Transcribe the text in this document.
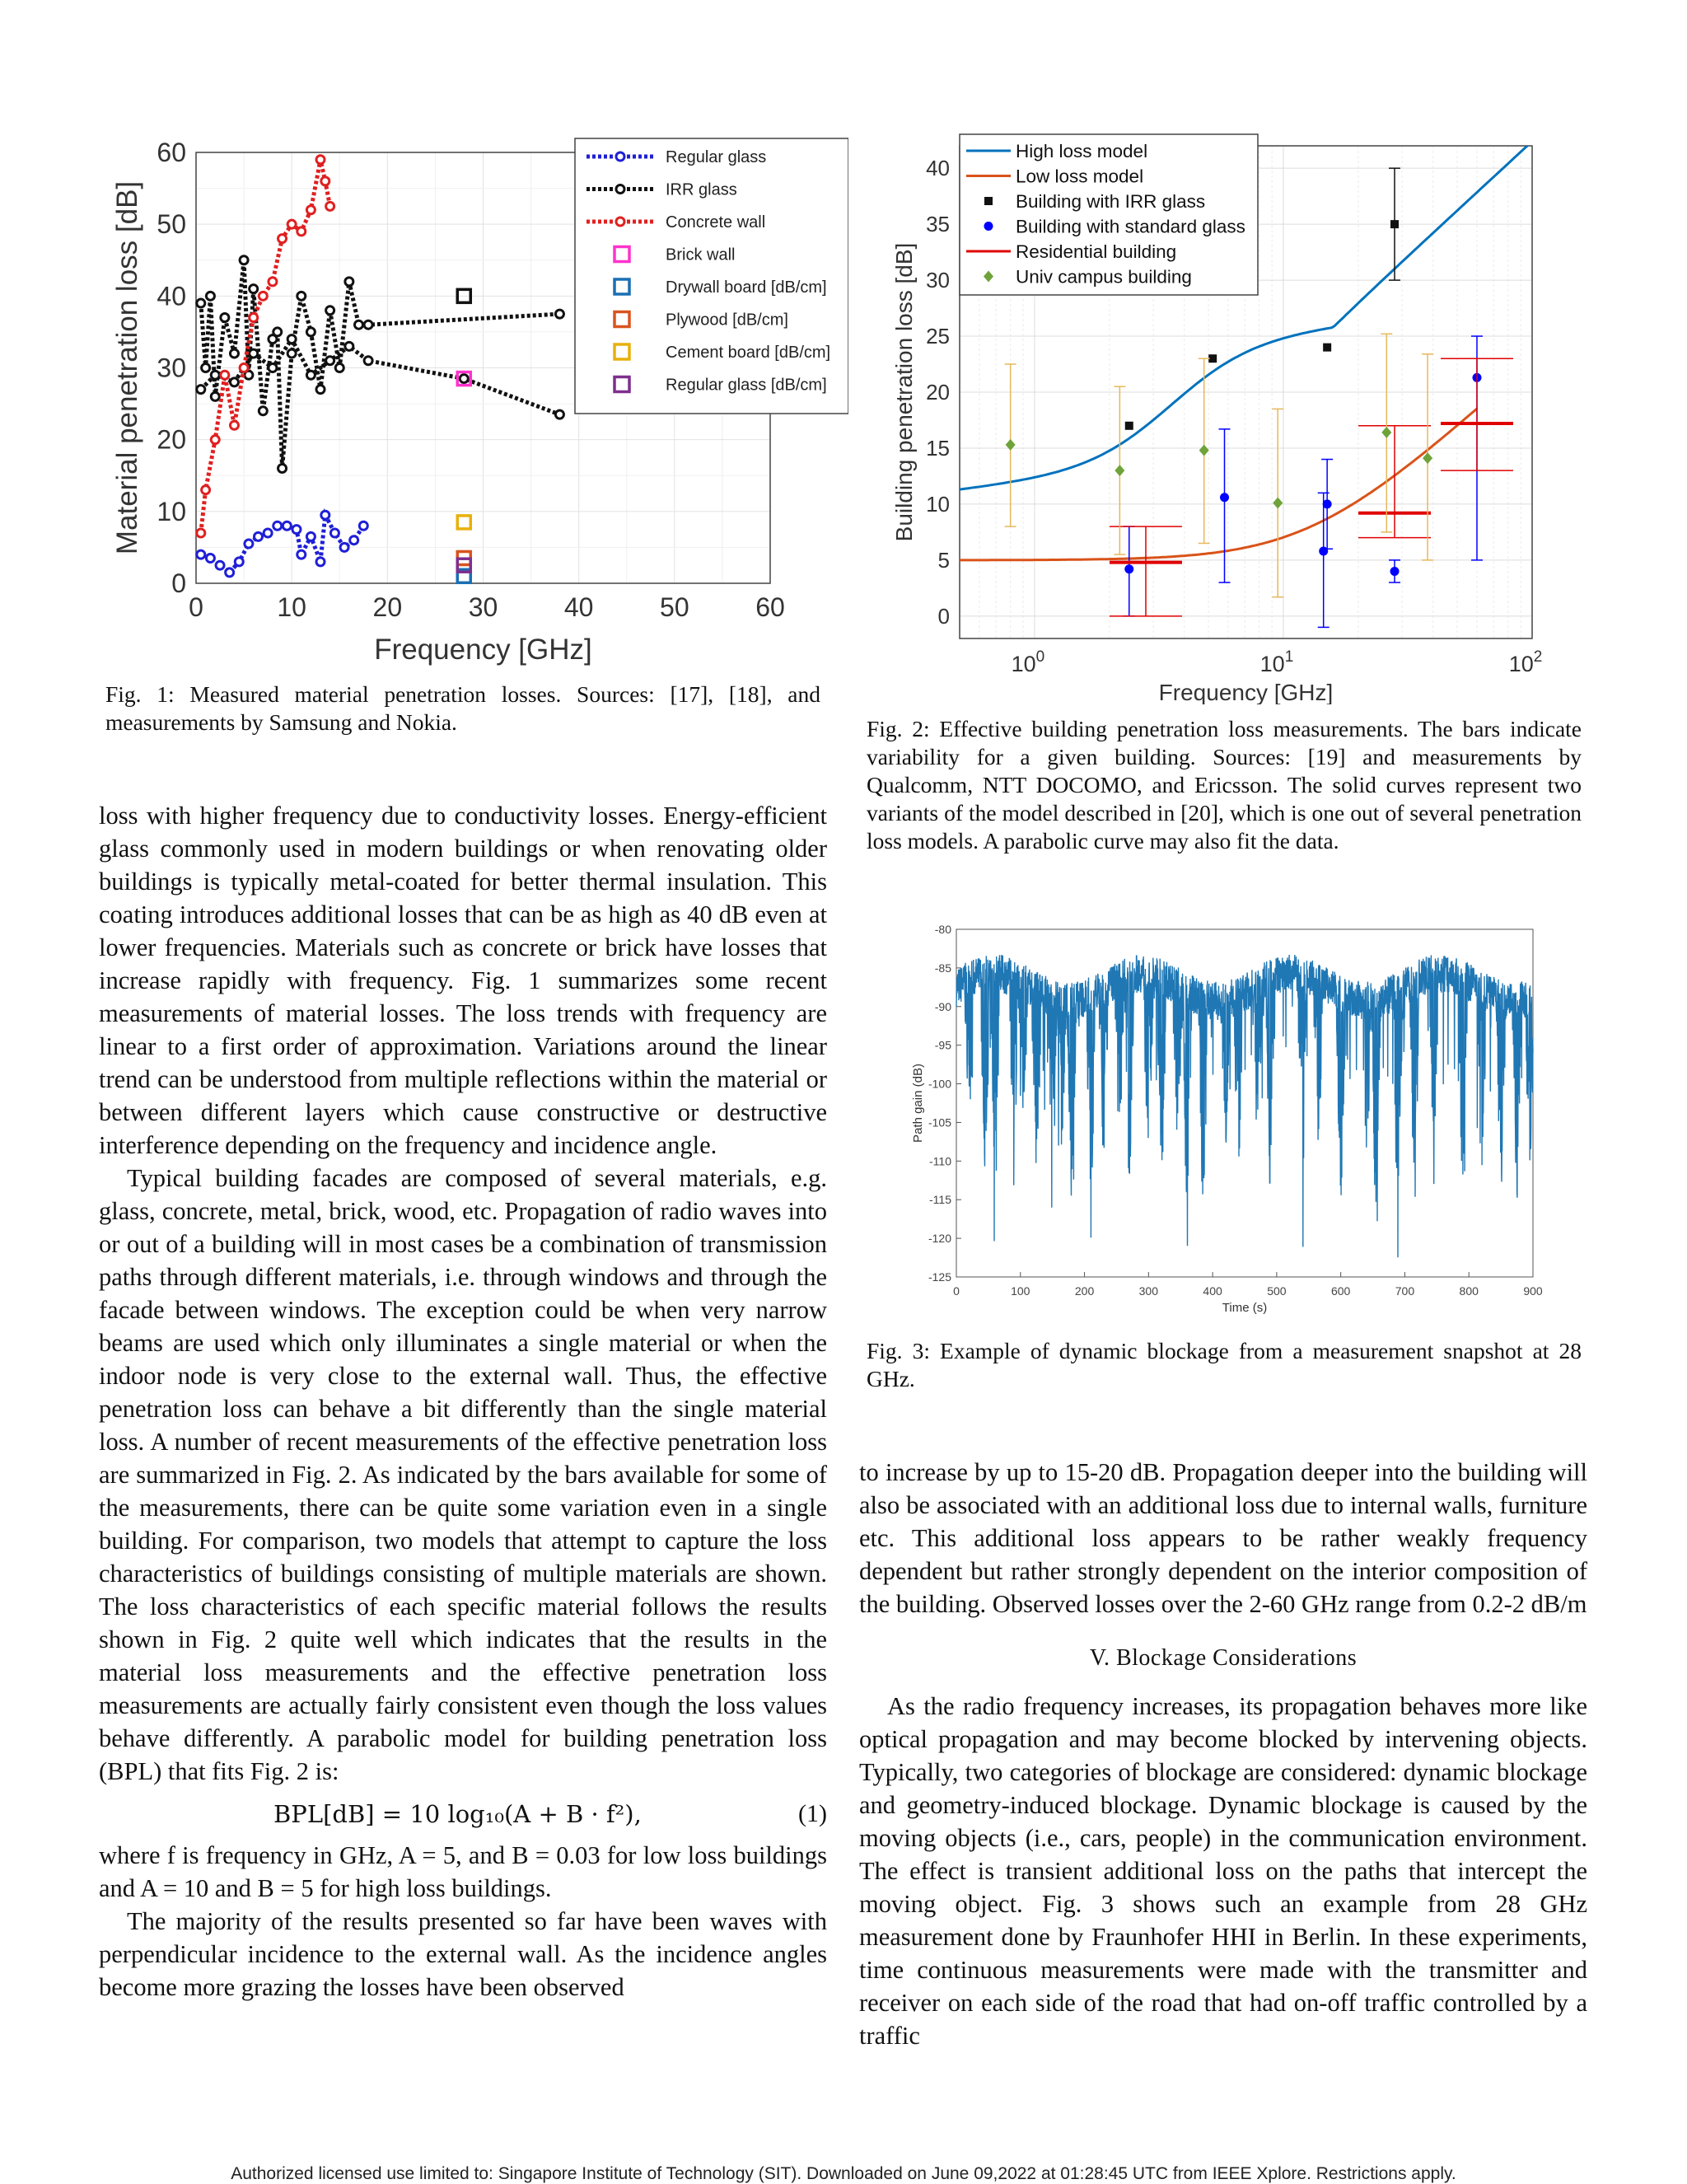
0	10	20	30	40	50	60
0
10
20
30
40
50
60
Frequency [GHz]
Material penetration loss [dB]
Regular glass
IRR glass
Concrete wall
Brick wall
Drywall board [dB/cm]
Plywood [dB/cm]
Cement board [dB/cm]
Regular glass [dB/cm]
Fig. 1: Measured material penetration losses. Sources: [17], [18], and measurements by Samsung and Nokia.
$10^0$	$10^1$	$10^2$
0
5
10
15
20
25
30
35
40
Frequency [GHz]
Building penetration loss [dB]
High loss model
Low loss model
Building with IRR glass
Building with standard glass
Residential building
Univ campus building
Fig. 2: Effective building penetration loss measurements. The bars indicate variability for a given building. Sources: [19] and measurements by Qualcomm, NTT DOCOMO, and Ericsson. The solid curves represent two variants of the model described in [20], which is one out of several penetration loss models. A parabolic curve may also fit the data.
0	100	200	300	400	500	600	700	800	900
-80
-85
-90
-95
-100
-105
-110
-115
-120
-125
Time (s)
Path gain (dB)
Fig. 3: Example of dynamic blockage from a measurement snapshot at 28 GHz.

loss with higher frequency due to conductivity losses. Energy-efficient glass commonly used in modern buildings or when renovating older buildings is typically metal-coated for better thermal insulation. This coating introduces additional losses that can be as high as 40 dB even at lower frequencies. Materials such as concrete or brick have losses that increase rapidly with frequency. Fig. 1 summarizes some recent measurements of material losses. The loss trends with frequency are linear to a first order of approximation. Variations around the linear trend can be understood from multiple reflections within the material or between different layers which cause constructive or destructive interference depending on the frequency and incidence angle.

Typical building facades are composed of several materials, e.g. glass, concrete, metal, brick, wood, etc. Propagation of radio waves into or out of a building will in most cases be a combination of transmission paths through different materials, i.e. through windows and through the facade between windows. The exception could be when very narrow beams are used which only illuminates a single material or when the indoor node is very close to the external wall. Thus, the effective penetration loss can behave a bit differently than the single material loss. A number of recent measurements of the effective penetration loss are summarized in Fig. 2. As indicated by the bars available for some of the measurements, there can be quite some variation even in a single building. For comparison, two models that attempt to capture the loss characteristics of buildings consisting of multiple materials are shown. The loss characteristics of each specific material follows the results shown in Fig. 2 quite well which indicates that the results in the material loss measurements and the effective penetration loss measurements are actually fairly consistent even though the loss values behave differently. A parabolic model for building penetration loss (BPL) that fits Fig. 2 is:

BPL[dB] = 10 log₁₀(A + B · f²),	(1)

where f is frequency in GHz, A = 5, and B = 0.03 for low loss buildings and A = 10 and B = 5 for high loss buildings.

The majority of the results presented so far have been waves with perpendicular incidence to the external wall. As the incidence angles become more grazing the losses have been observed

to increase by up to 15-20 dB. Propagation deeper into the building will also be associated with an additional loss due to internal walls, furniture etc. This additional loss appears to be rather weakly frequency dependent but rather strongly dependent on the interior composition of the building. Observed losses over the 2-60 GHz range from 0.2-2 dB/m

V. Blockage Considerations

As the radio frequency increases, its propagation behaves more like optical propagation and may become blocked by intervening objects. Typically, two categories of blockage are considered: dynamic blockage and geometry-induced blockage. Dynamic blockage is caused by the moving objects (i.e., cars, people) in the communication environment. The effect is transient additional loss on the paths that intercept the moving object. Fig. 3 shows such an example from 28 GHz measurement done by Fraunhofer HHI in Berlin. In these experiments, time continuous measurements were made with the transmitter and receiver on each side of the road that had on-off traffic controlled by a traffic

Authorized licensed use limited to: Singapore Institute of Technology (SIT). Downloaded on June 09,2022 at 01:28:45 UTC from IEEE Xplore. Restrictions apply.
